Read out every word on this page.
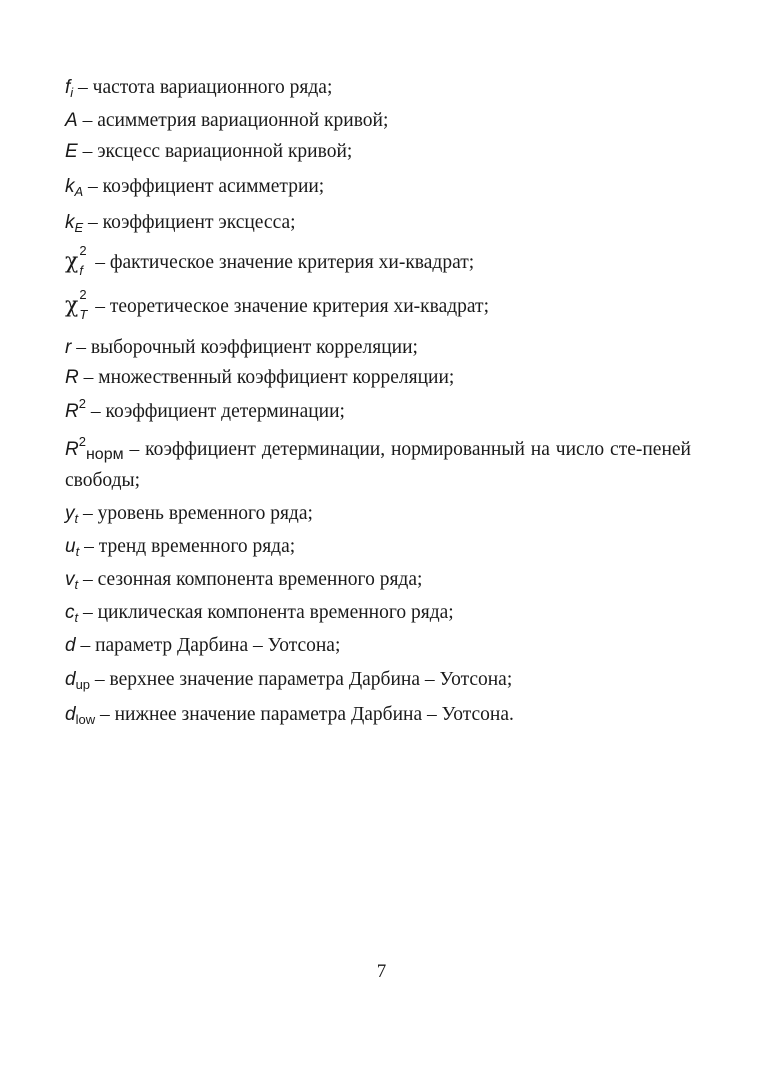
$f_i$ – частота вариационного ряда;
A – асимметрия вариационной кривой;
E – эксцесс вариационной кривой;
$k_A$ – коэффициент асимметрии;
$k_E$ – коэффициент эксцесса;
χ 2
f – фактическое значение критерия хи-квадрат;
χ 2
T – теоретическое значение критерия хи-квадрат;
r – выборочный коэффициент корреляции;
R – множественный коэффициент корреляции;
$R^2$ – коэффициент детерминации;
$R^2_{норм}$ – коэффициент детерминации, нормированный на число сте-пеней свободы;
$y_t$ – уровень временного ряда;
$u_t$ – тренд временного ряда;
$v_t$ – сезонная компонента временного ряда;
$c_t$ – циклическая компонента временного ряда;
d – параметр Дарбина – Уотсона;
$d_{up}$ – верхнее значение параметра Дарбина – Уотсона;
$d_{low}$ – нижнее значение параметра Дарбина – Уотсона.
7
